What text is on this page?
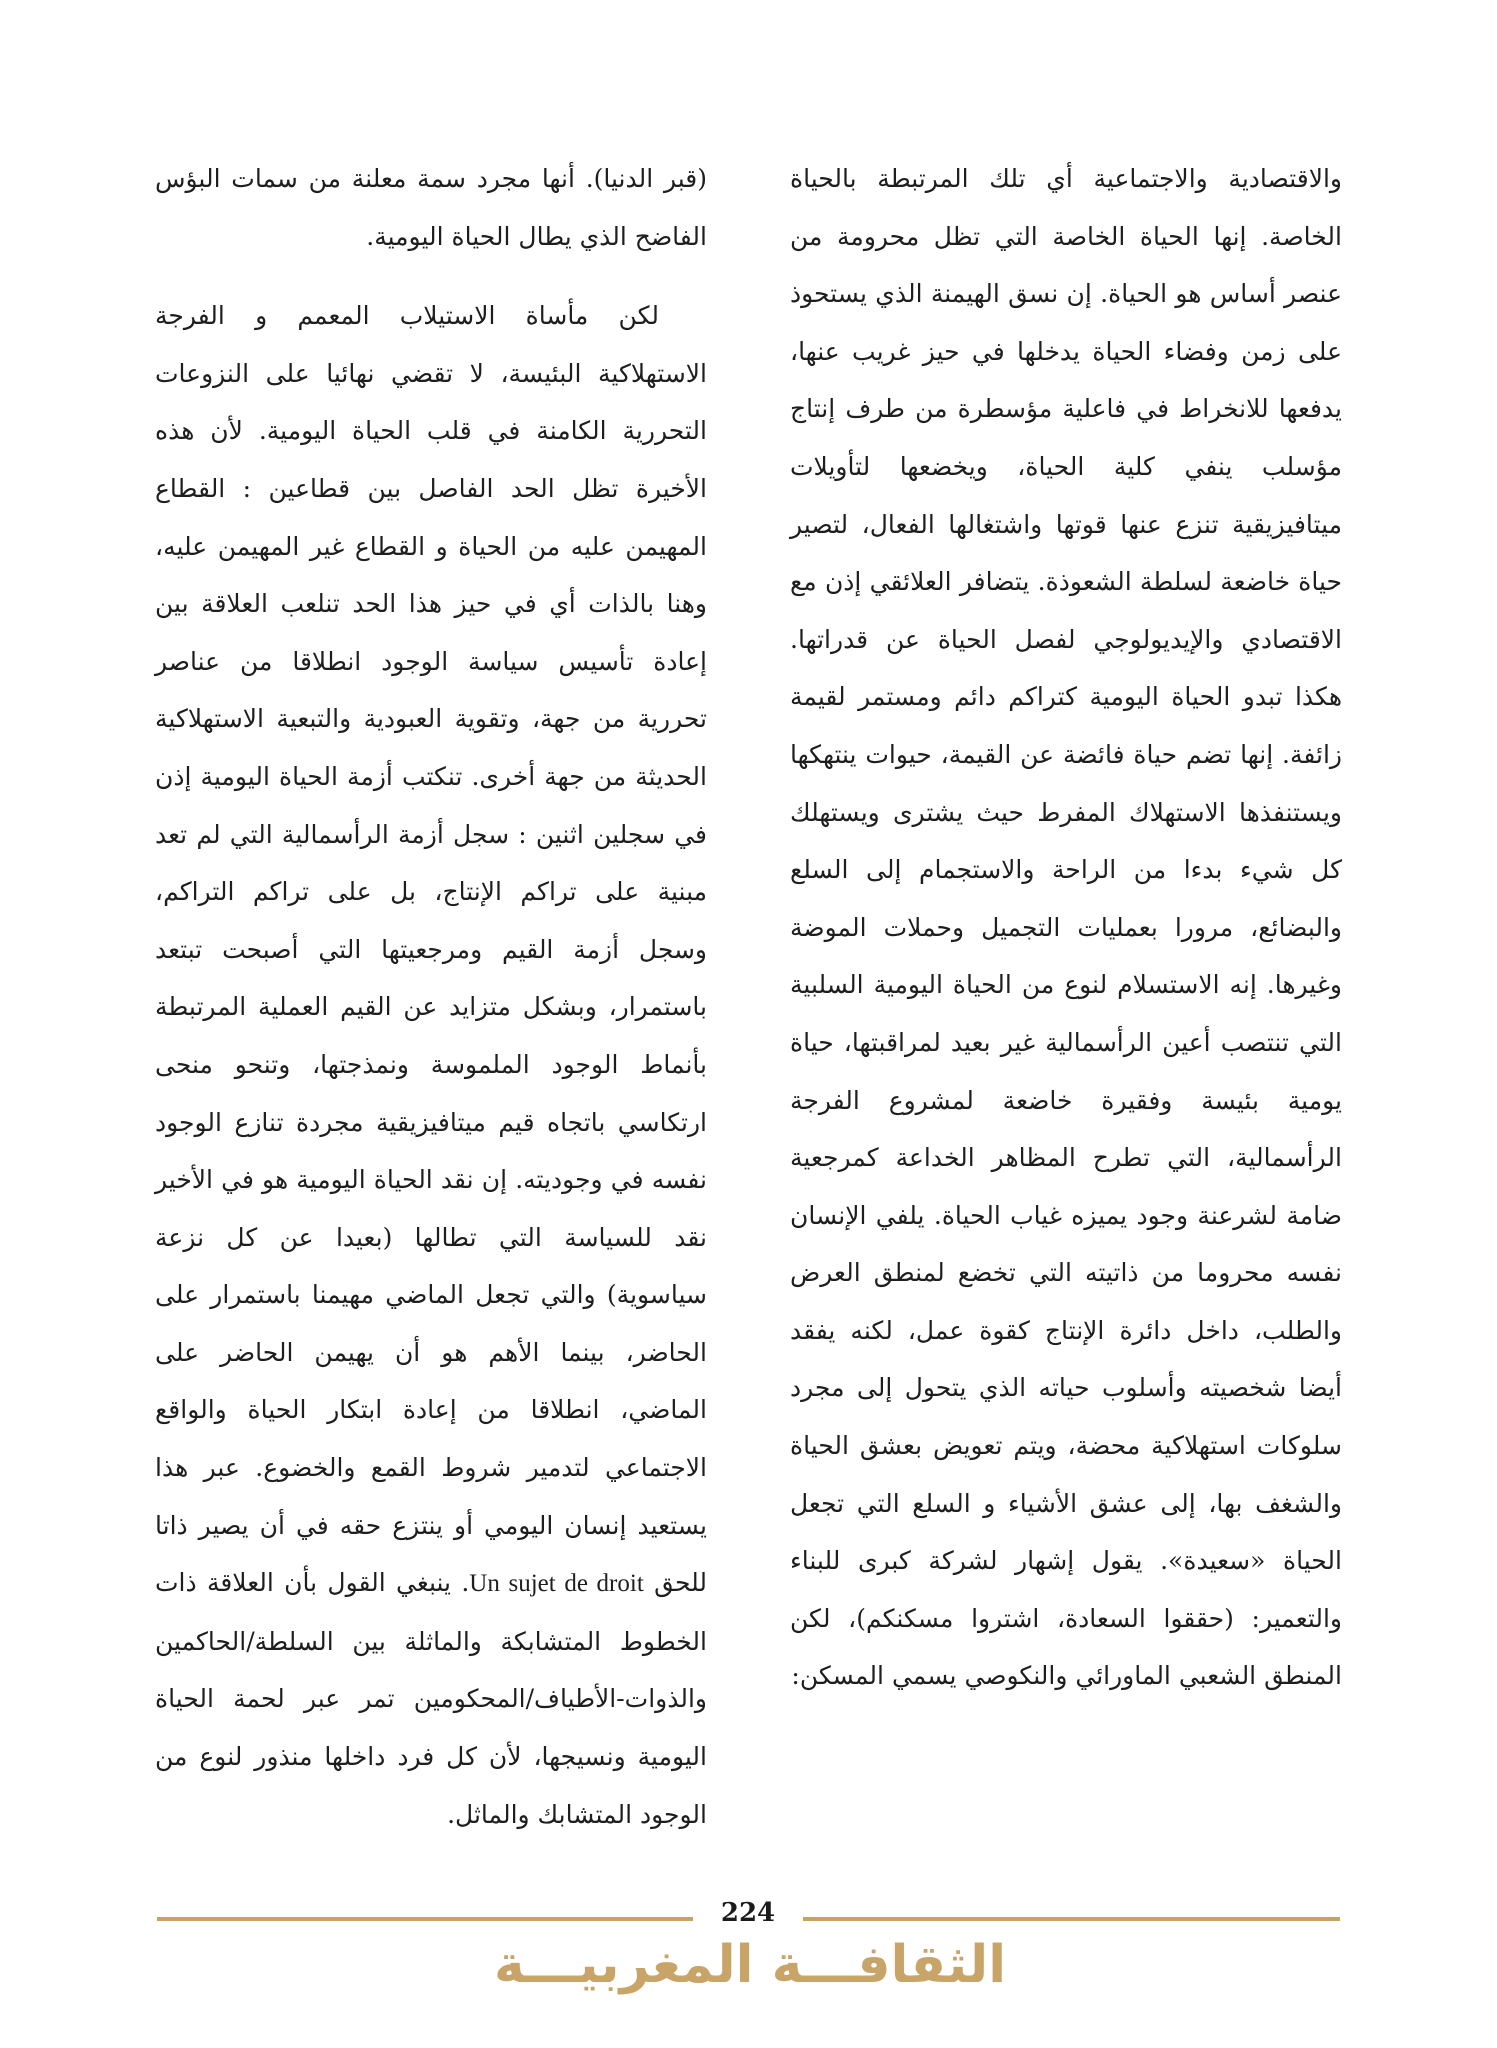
والاقتصادية والاجتماعية أي تلك المرتبطة بالحياة الخاصة. إنها الحياة الخاصة التي تظل محرومة من عنصر أساس هو الحياة. إن نسق الهيمنة الذي يستحوذ على زمن وفضاء الحياة يدخلها في حيز غريب عنها، يدفعها للانخراط في فاعلية مؤسطرة من طرف إنتاج مؤسلب ينفي كلية الحياة، ويخضعها لتأويلات ميتافيزيقية تنزع عنها قوتها واشتغالها الفعال، لتصير حياة خاضعة لسلطة الشعوذة. يتضافر العلائقي إذن مع الاقتصادي والإيديولوجي لفصل الحياة عن قدراتها. هكذا تبدو الحياة اليومية كتراكم دائم ومستمر لقيمة زائفة. إنها تضم حياة فائضة عن القيمة، حيوات ينتهكها ويستنفذها الاستهلاك المفرط حيث يشترى ويستهلك كل شيء بدءا من الراحة والاستجمام إلى السلع والبضائع، مرورا بعمليات التجميل وحملات الموضة وغيرها. إنه الاستسلام لنوع من الحياة اليومية السلبية التي تنتصب أعين الرأسمالية غير بعيد لمراقبتها، حياة يومية بئيسة وفقيرة خاضعة لمشروع الفرجة الرأسمالية، التي تطرح المظاهر الخداعة كمرجعية ضامة لشرعنة وجود يميزه غياب الحياة. يلفي الإنسان نفسه محروما من ذاتيته التي تخضع لمنطق العرض والطلب، داخل دائرة الإنتاج كقوة عمل، لكنه يفقد أيضا شخصيته وأسلوب حياته الذي يتحول إلى مجرد سلوكات استهلاكية محضة، ويتم تعويض بعشق الحياة والشغف بها، إلى عشق الأشياء و السلع التي تجعل الحياة «سعيدة». يقول إشهار لشركة كبرى للبناء والتعمير: (حققوا السعادة، اشتروا مسكنكم)، لكن المنطق الشعبي الماورائي والنكوصي يسمي المسكن:

(قبر الدنيا). أنها مجرد سمة معلنة من سمات البؤس الفاضح الذي يطال الحياة اليومية.

لكن مأساة الاستيلاب المعمم و الفرجة الاستهلاكية البئيسة، لا تقضي نهائيا على النزوعات التحررية الكامنة في قلب الحياة اليومية. لأن هذه الأخيرة تظل الحد الفاصل بين قطاعين : القطاع المهيمن عليه من الحياة و القطاع غير المهيمن عليه، وهنا بالذات أي في حيز هذا الحد تنلعب العلاقة بين إعادة تأسيس سياسة الوجود انطلاقا من عناصر تحررية من جهة، وتقوية العبودية والتبعية الاستهلاكية الحديثة من جهة أخرى. تنكتب أزمة الحياة اليومية إذن في سجلين اثنين : سجل أزمة الرأسمالية التي لم تعد مبنية على تراكم الإنتاج، بل على تراكم التراكم، وسجل أزمة القيم ومرجعيتها التي أصبحت تبتعد باستمرار، وبشكل متزايد عن القيم العملية المرتبطة بأنماط الوجود الملموسة ونمذجتها، وتنحو منحى ارتكاسي باتجاه قيم ميتافيزيقية مجردة تنازع الوجود نفسه في وجوديته. إن نقد الحياة اليومية هو في الأخير نقد للسياسة التي تطالها (بعيدا عن كل نزعة سياسوية) والتي تجعل الماضي مهيمنا باستمرار على الحاضر، بينما الأهم هو أن يهيمن الحاضر على الماضي، انطلاقا من إعادة ابتكار الحياة والواقع الاجتماعي لتدمير شروط القمع والخضوع. عبر هذا يستعيد إنسان اليومي أو ينتزع حقه في أن يصير ذاتا للحق Un sujet de droit. ينبغي القول بأن العلاقة ذات الخطوط المتشابكة والماثلة بين السلطة/الحاكمين والذوات-الأطياف/المحكومين تمر عبر لحمة الحياة اليومية ونسيجها، لأن كل فرد داخلها منذور لنوع من الوجود المتشابك والماثل.

224
الثقافـــة المغربيـــة
